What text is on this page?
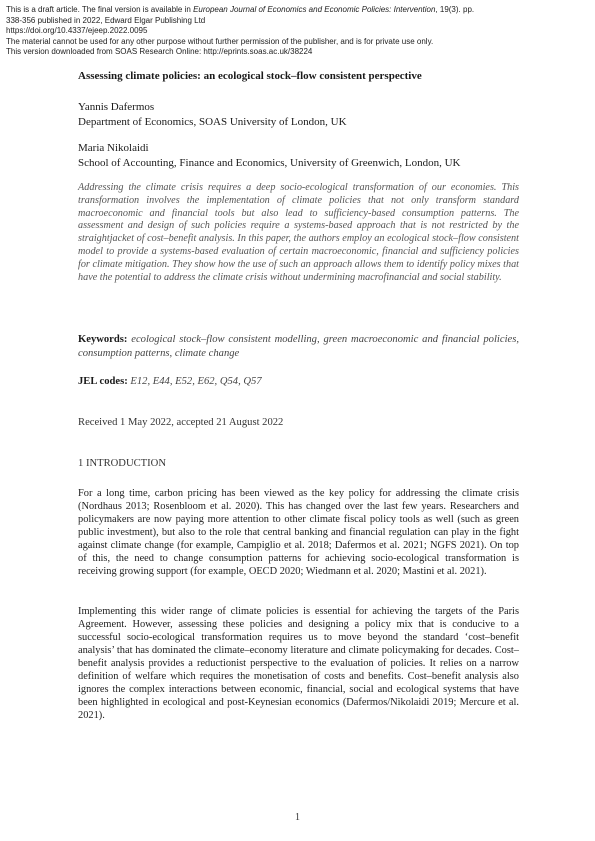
This is a draft article. The final version is available in European Journal of Economics and Economic Policies: Intervention, 19(3). pp.
338-356 published in 2022, Edward Elgar Publishing Ltd
https://doi.org/10.4337/ejeep.2022.0095
The material cannot be used for any other purpose without further permission of the publisher, and is for private use only.
This version downloaded from SOAS Research Online: http://eprints.soas.ac.uk/38224
Assessing climate policies: an ecological stock–flow consistent perspective
Yannis Dafermos
Department of Economics, SOAS University of London, UK
Maria Nikolaidi
School of Accounting, Finance and Economics, University of Greenwich, London, UK

Addressing the climate crisis requires a deep socio-ecological transformation of our economies. This transformation involves the implementation of climate policies that not only transform standard macroeconomic and financial tools but also lead to sufficiency-based consumption patterns. The assessment and design of such policies require a systems-based approach that is not restricted by the straightjacket of cost–benefit analysis. In this paper, the authors employ an ecological stock–flow consistent model to provide a systems-based evaluation of certain macroeconomic, financial and sufficiency policies for climate mitigation. They show how the use of such an approach allows them to identify policy mixes that have the potential to address the climate crisis without undermining macrofinancial and social stability.

Keywords: ecological stock–flow consistent modelling, green macroeconomic and financial policies, consumption patterns, climate change
JEL codes: E12, E44, E52, E62, Q54, Q57
Received 1 May 2022, accepted 21 August 2022
1 INTRODUCTION

For a long time, carbon pricing has been viewed as the key policy for addressing the climate crisis (Nordhaus 2013; Rosenbloom et al. 2020). This has changed over the last few years. Researchers and policymakers are now paying more attention to other climate fiscal policy tools as well (such as green public investment), but also to the role that central banking and financial regulation can play in the fight against climate change (for example, Campiglio et al. 2018; Dafermos et al. 2021; NGFS 2021). On top of this, the need to change consumption patterns for achieving socio-ecological transformation is receiving growing support (for example, OECD 2020; Wiedmann et al. 2020; Mastini et al. 2021).

Implementing this wider range of climate policies is essential for achieving the targets of the Paris Agreement. However, assessing these policies and designing a policy mix that is conducive to a successful socio-ecological transformation requires us to move beyond the standard ‘cost–benefit analysis’ that has dominated the climate–economy literature and climate policymaking for decades. Cost–benefit analysis provides a reductionist perspective to the evaluation of policies. It relies on a narrow definition of welfare which requires the monetisation of costs and benefits. Cost–benefit analysis also ignores the complex interactions between economic, financial, social and ecological systems that have been highlighted in ecological and post-Keynesian economics (Dafermos/Nikolaidi 2019; Mercure et al. 2021).

1
